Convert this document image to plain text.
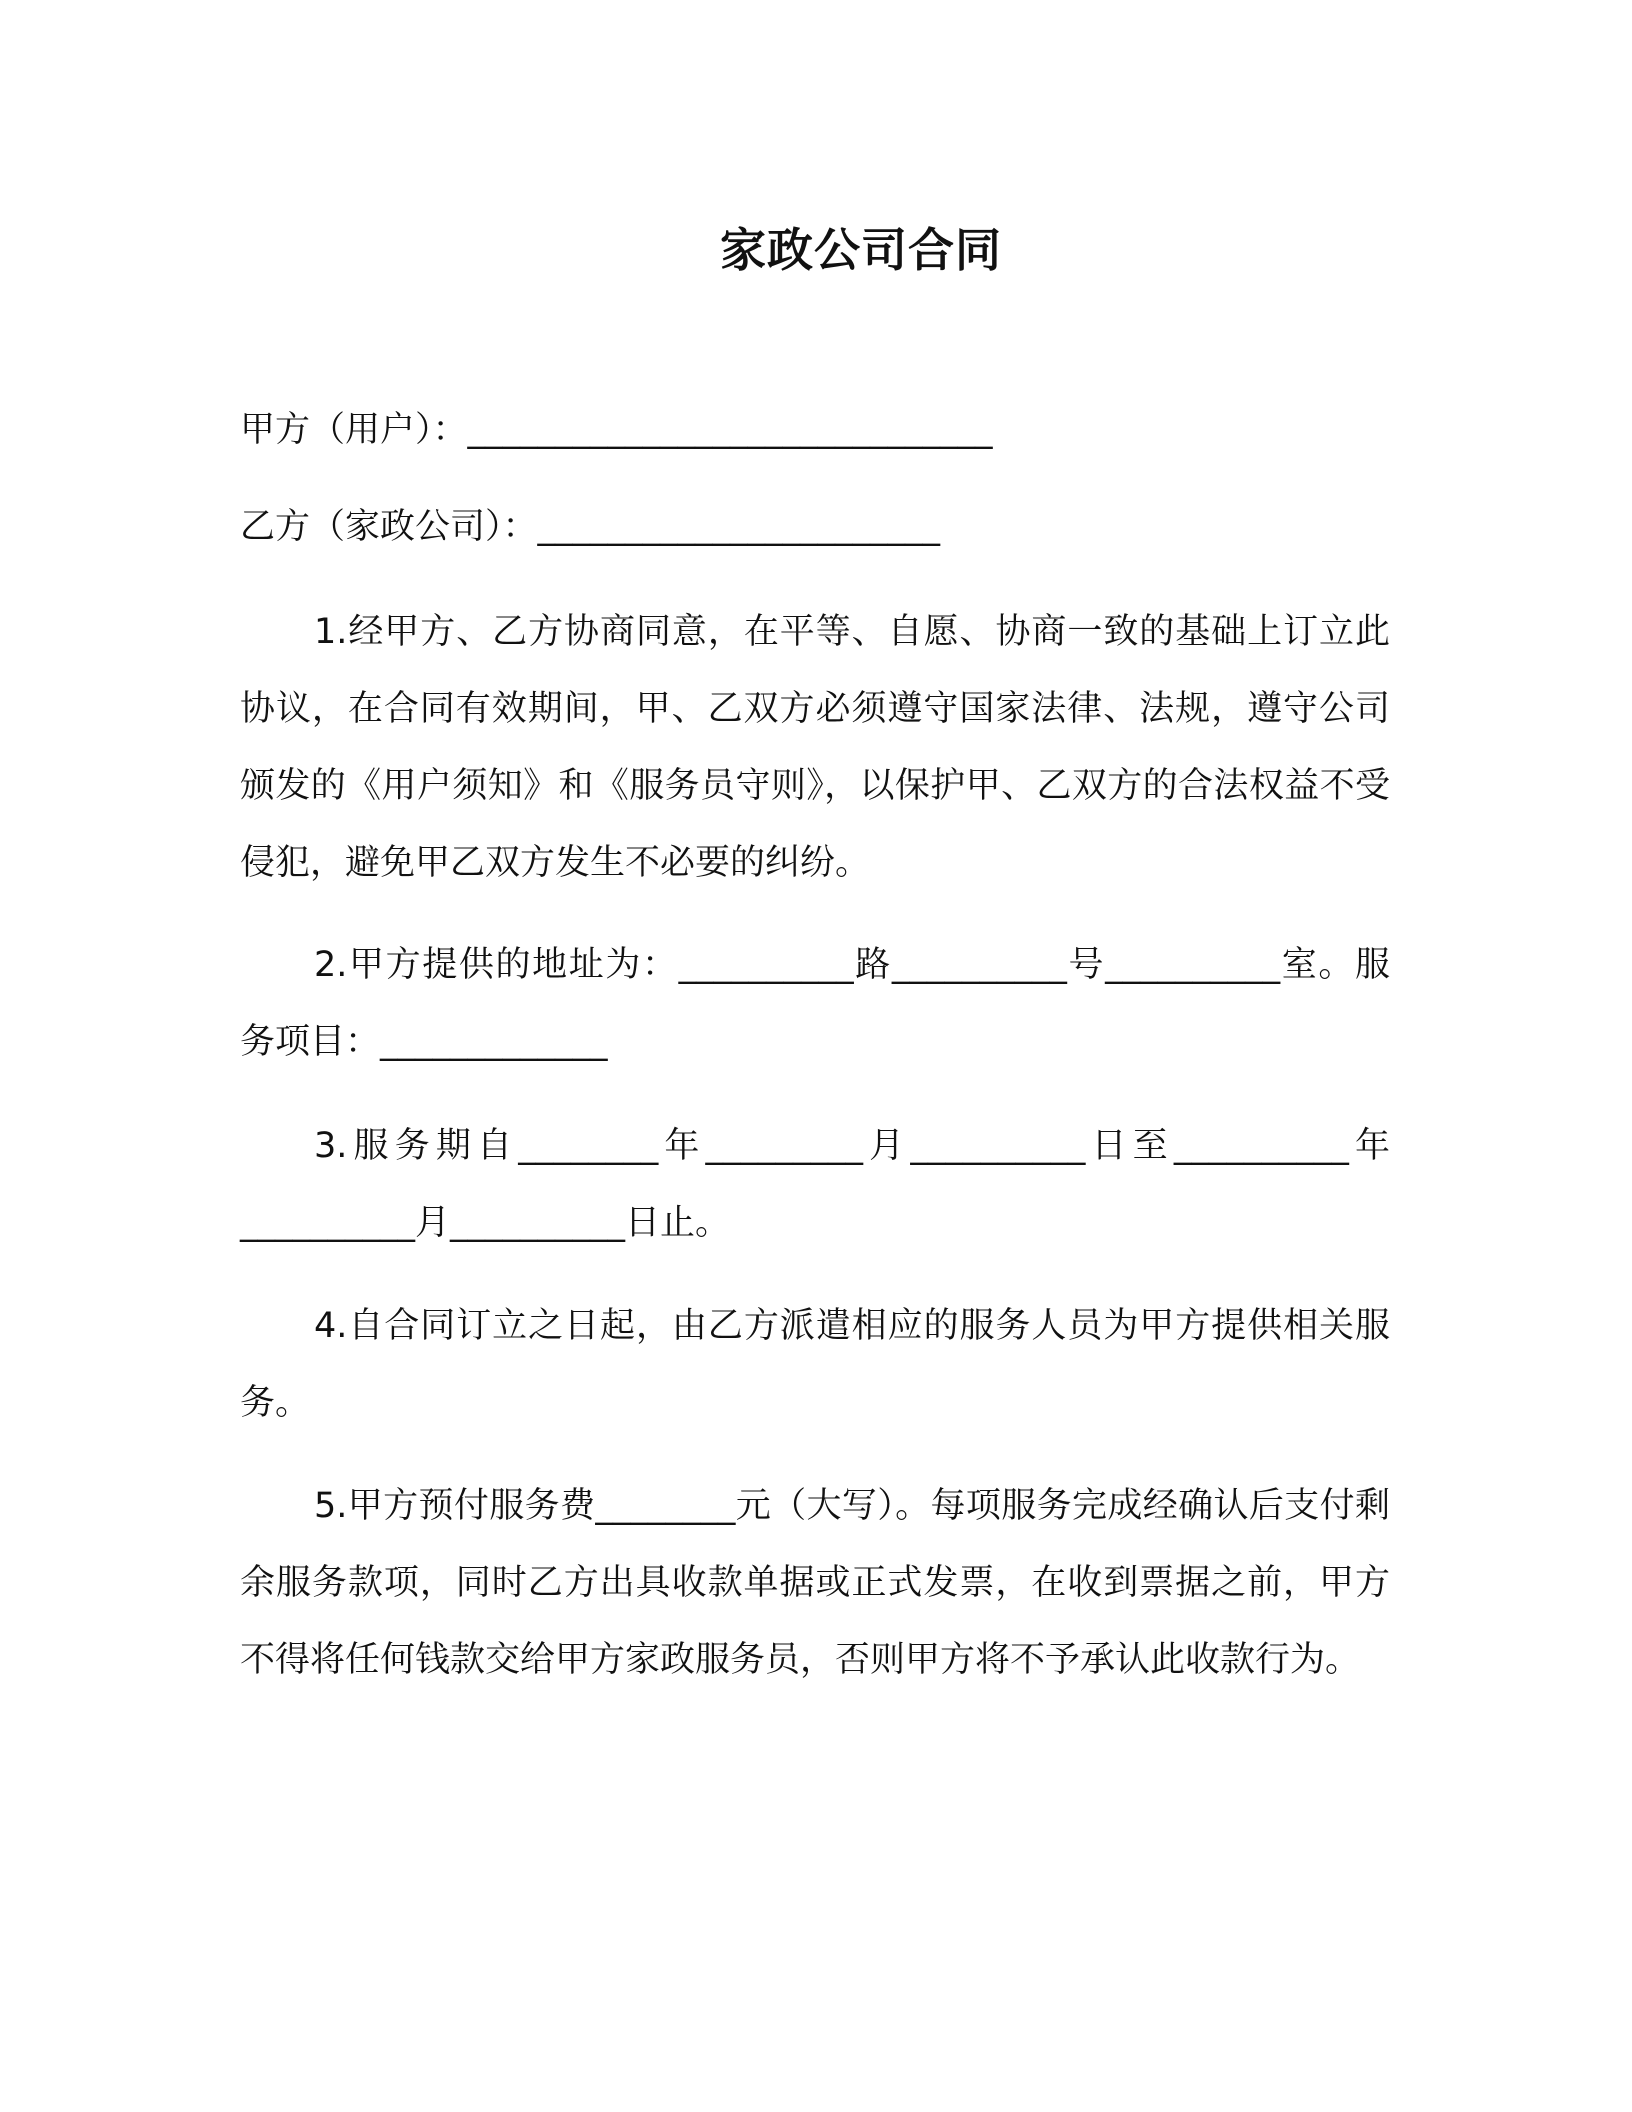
家政公司合同

甲方（用户）：______________________________

乙方（家政公司）：_______________________

1.经甲方、乙方协商同意，在平等、自愿、协商一致的基础上订立此协议，在合同有效期间，甲、乙双方必须遵守国家法律、法规，遵守公司颁发的《用户须知》和《服务员守则》，以保护甲、乙双方的合法权益不受侵犯，避免甲乙双方发生不必要的纠纷。

2.甲方提供的地址为：__________路__________号__________室。服务项目：_____________

3.服务期自________年_________月__________日至__________年__________月__________日止。

4.自合同订立之日起，由乙方派遣相应的服务人员为甲方提供相关服务。

5.甲方预付服务费________元（大写）。每项服务完成经确认后支付剩余服务款项，同时乙方出具收款单据或正式发票，在收到票据之前，甲方不得将任何钱款交给甲方家政服务员，否则甲方将不予承认此收款行为。
